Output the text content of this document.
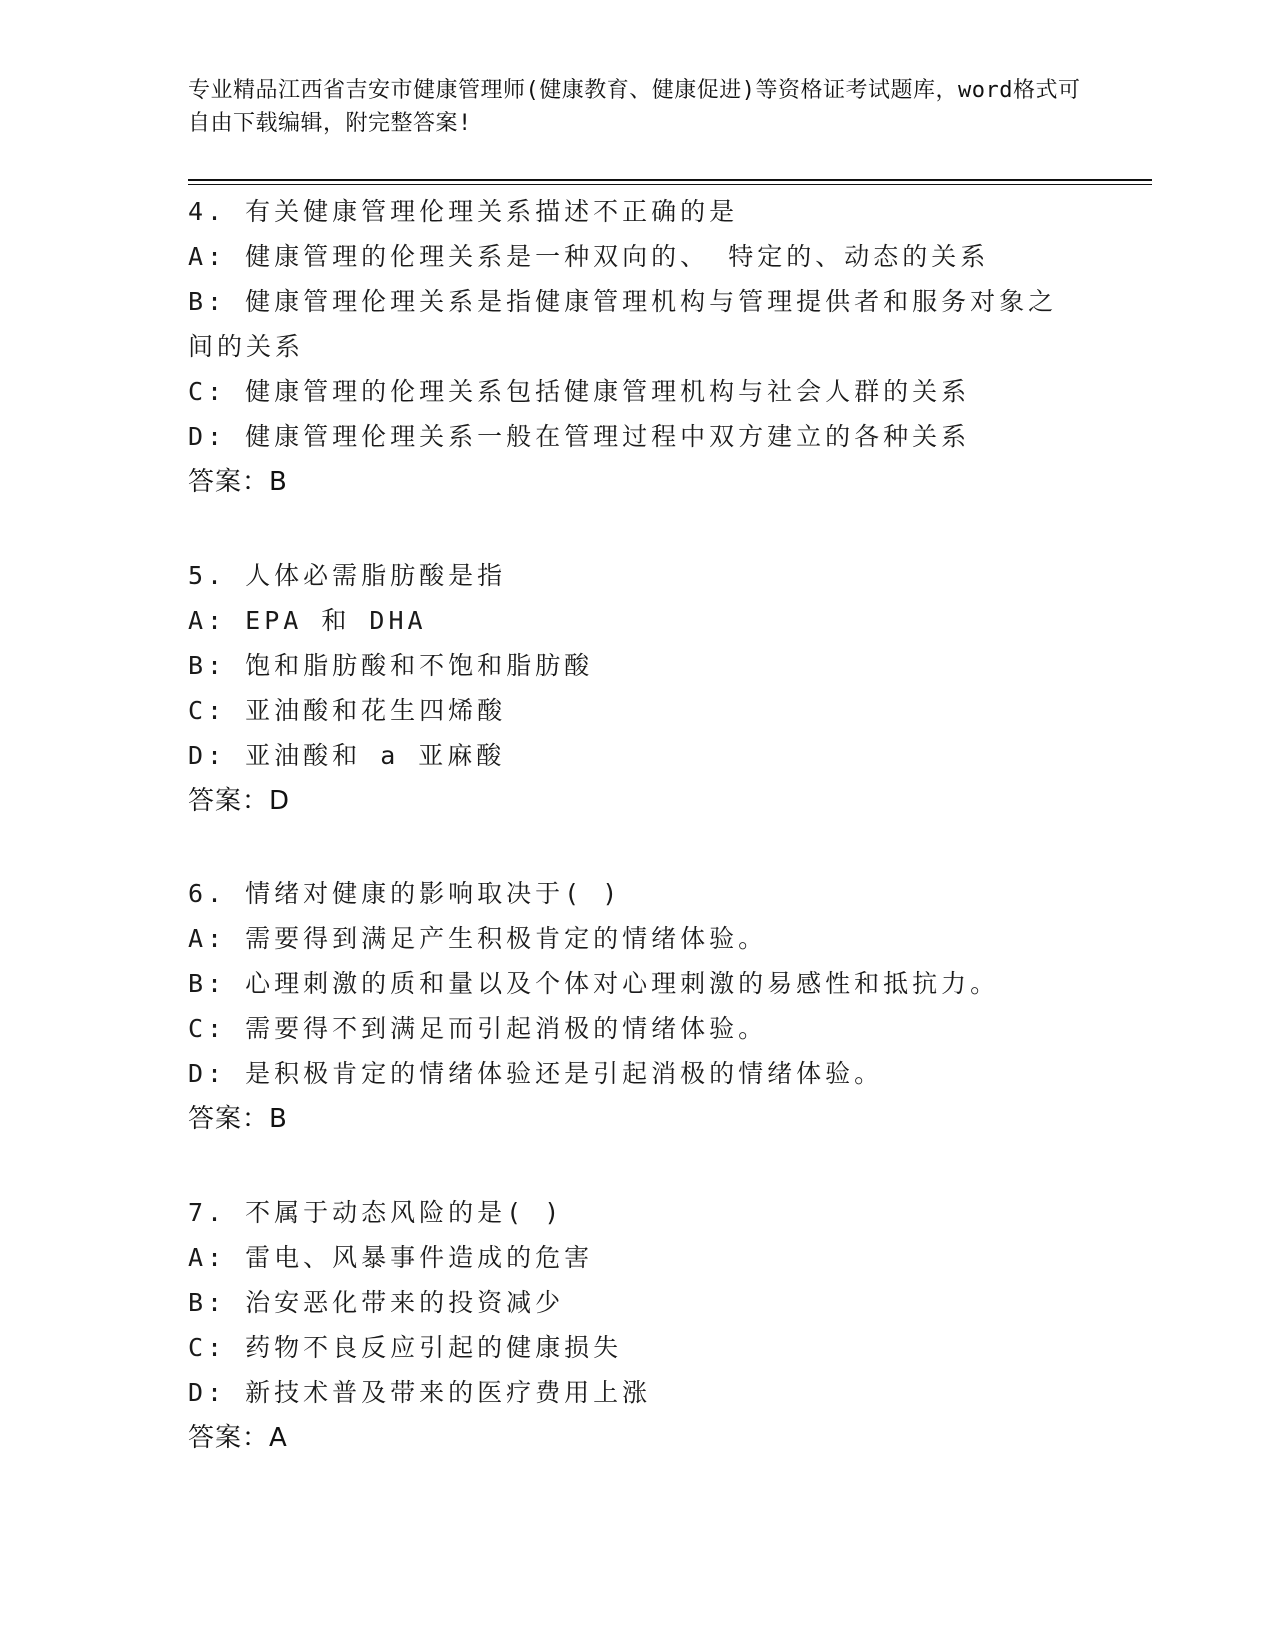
专业精品江西省吉安市健康管理师(健康教育、健康促进)等资格证考试题库，word格式可自由下载编辑，附完整答案!
4. 有关健康管理伦理关系描述不正确的是
A: 健康管理的伦理关系是一种双向的、 特定的、动态的关系
B: 健康管理伦理关系是指健康管理机构与管理提供者和服务对象之间的关系
C: 健康管理的伦理关系包括健康管理机构与社会人群的关系
D: 健康管理伦理关系一般在管理过程中双方建立的各种关系
答案：B
5. 人体必需脂肪酸是指
A: EPA 和 DHA
B: 饱和脂肪酸和不饱和脂肪酸
C: 亚油酸和花生四烯酸
D: 亚油酸和 a 亚麻酸
答案：D
6. 情绪对健康的影响取决于( )
A: 需要得到满足产生积极肯定的情绪体验。
B: 心理刺激的质和量以及个体对心理刺激的易感性和抵抗力。
C: 需要得不到满足而引起消极的情绪体验。
D: 是积极肯定的情绪体验还是引起消极的情绪体验。
答案：B
7. 不属于动态风险的是( )
A: 雷电、风暴事件造成的危害
B: 治安恶化带来的投资减少
C: 药物不良反应引起的健康损失
D: 新技术普及带来的医疗费用上涨
答案：A
